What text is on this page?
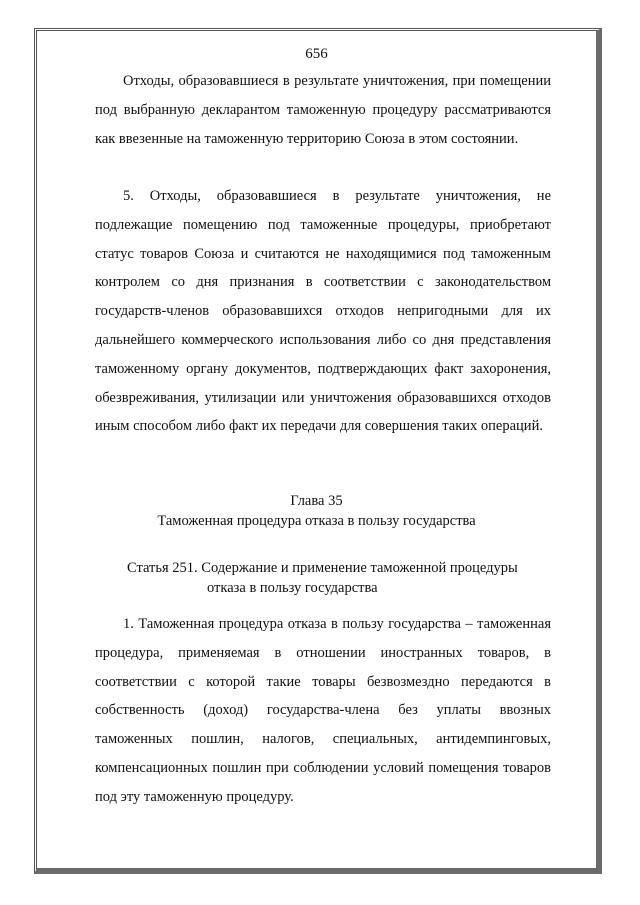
656

Отходы, образовавшиеся в результате уничтожения, при помещении под выбранную декларантом таможенную процедуру рассматриваются как ввезенные на таможенную территорию Союза в этом состоянии.

5. Отходы, образовавшиеся в результате уничтожения, не подлежащие помещению под таможенные процедуры, приобретают статус товаров Союза и считаются не находящимися под таможенным контролем со дня признания в соответствии с законодательством государств-членов образовавшихся отходов непригодными для их дальнейшего коммерческого использования либо со дня представления таможенному органу документов, подтверждающих факт захоронения, обезвреживания, утилизации или уничтожения образовавшихся отходов иным способом либо факт их передачи для совершения таких операций.

Глава 35
Таможенная процедура отказа в пользу государства
Статья 251. Содержание и применение таможенной процедуры
отказа в пользу государства

1. Таможенная процедура отказа в пользу государства – таможенная процедура, применяемая в отношении иностранных товаров, в соответствии с которой такие товары безвозмездно передаются в собственность (доход) государства-члена без уплаты ввозных таможенных пошлин, налогов, специальных, антидемпинговых, компенсационных пошлин при соблюдении условий помещения товаров под эту таможенную процедуру.
